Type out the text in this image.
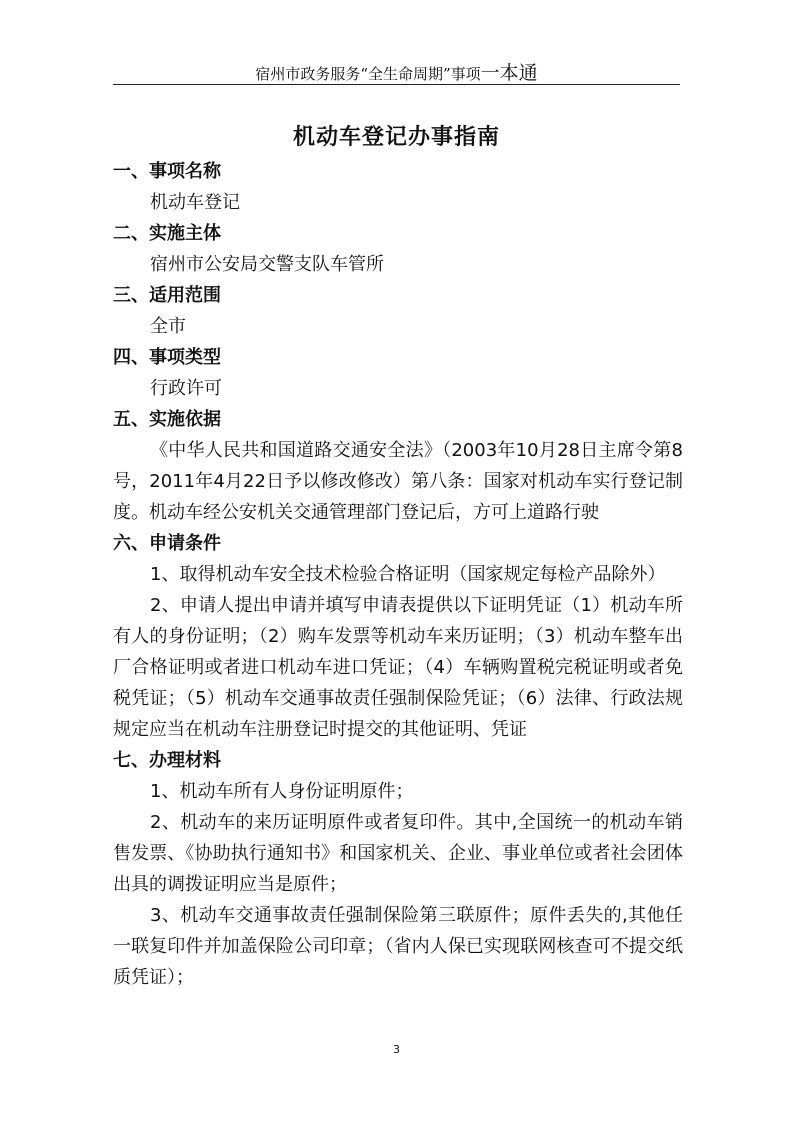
宿州市政务服务“全生命周期”事项一本通
机动车登记办事指南
一、事项名称
机动车登记
二、实施主体
宿州市公安局交警支队车管所
三、适用范围
全市
四、事项类型
行政许可
五、实施依据
《中华人民共和国道路交通安全法》（2003年10月28日主席令第8号，2011年4月22日予以修改修改）第八条：国家对机动车实行登记制度。机动车经公安机关交通管理部门登记后，方可上道路行驶
六、申请条件
1、取得机动车安全技术检验合格证明（国家规定每检产品除外）
2、申请人提出申请并填写申请表提供以下证明凭证（1）机动车所有人的身份证明；（2）购车发票等机动车来历证明；（3）机动车整车出厂合格证明或者进口机动车进口凭证；（4）车辆购置税完税证明或者免税凭证；（5）机动车交通事故责任强制保险凭证；（6）法律、行政法规规定应当在机动车注册登记时提交的其他证明、凭证
七、办理材料
1、机动车所有人身份证明原件；
2、机动车的来历证明原件或者复印件。其中,全国统一的机动车销售发票、《协助执行通知书》和国家机关、企业、事业单位或者社会团体出具的调拨证明应当是原件；
3、机动车交通事故责任强制保险第三联原件；原件丢失的,其他任一联复印件并加盖保险公司印章；（省内人保已实现联网核查可不提交纸质凭证）；
3
